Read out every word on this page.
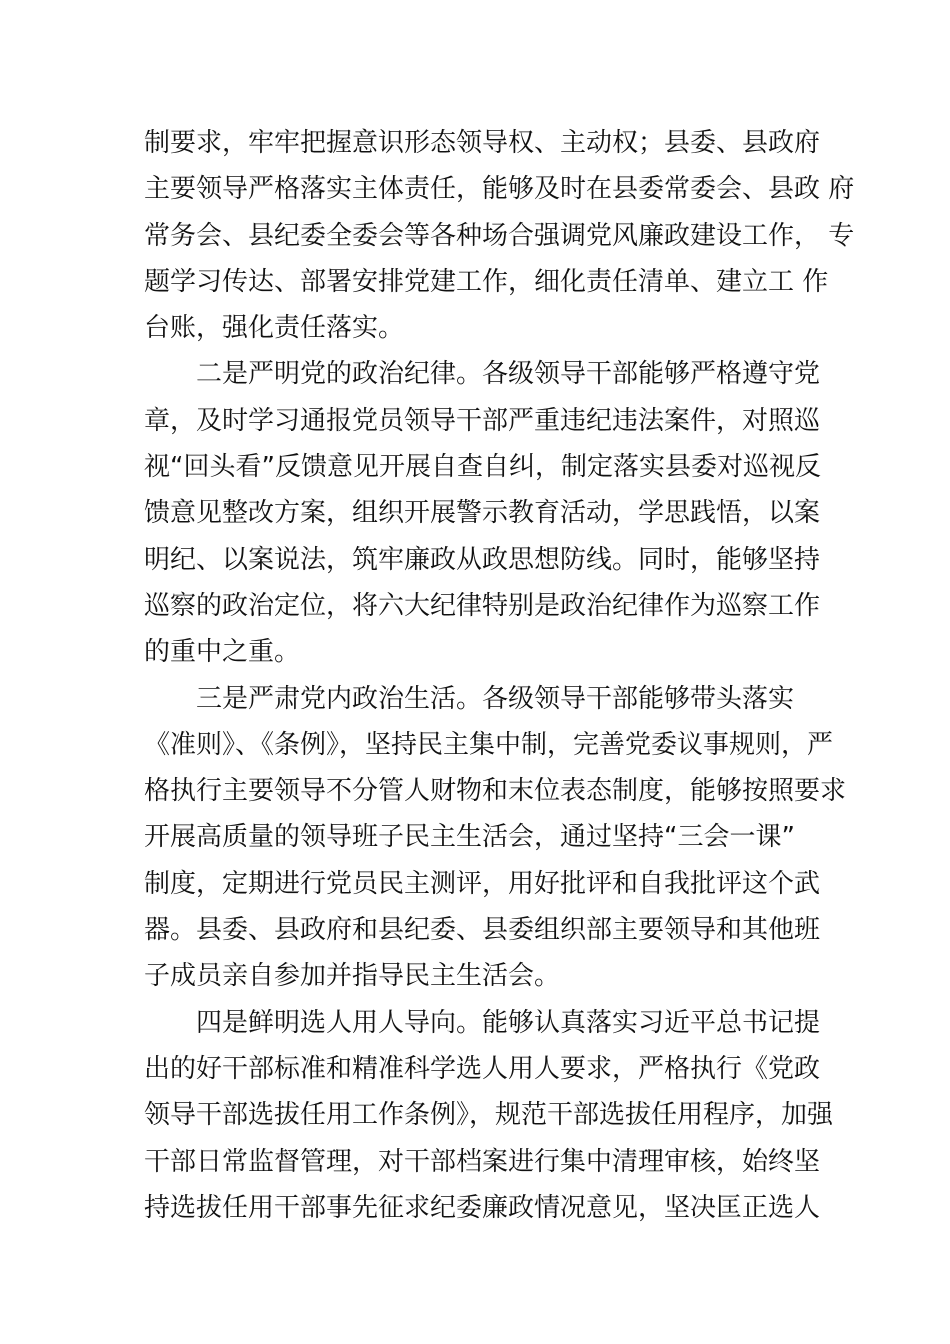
制要求，牢牢把握意识形态领导权、主动权；县委、县政府
主要领导严格落实主体责任，能够及时在县委常委会、县政 府
常务会、县纪委全委会等各种场合强调党风廉政建设工作， 专
题学习传达、部署安排党建工作，细化责任清单、建立工 作
台账，强化责任落实。
二是严明党的政治纪律。各级领导干部能够严格遵守党
章，及时学习通报党员领导干部严重违纪违法案件，对照巡
视“回头看”反馈意见开展自查自纠，制定落实县委对巡视反
馈意见整改方案，组织开展警示教育活动，学思践悟，以案
明纪、以案说法，筑牢廉政从政思想防线。同时，能够坚持
巡察的政治定位，将六大纪律特别是政治纪律作为巡察工作
的重中之重。
三是严肃党内政治生活。各级领导干部能够带头落实
《准则》、《条例》，坚持民主集中制，完善党委议事规则，严
格执行主要领导不分管人财物和末位表态制度，能够按照要求
开展高质量的领导班子民主生活会，通过坚持“三会一课”
制度，定期进行党员民主测评，用好批评和自我批评这个武
器。县委、县政府和县纪委、县委组织部主要领导和其他班
子成员亲自参加并指导民主生活会。
四是鲜明选人用人导向。能够认真落实习近平总书记提
出的好干部标准和精准科学选人用人要求，严格执行《党政
领导干部选拔任用工作条例》，规范干部选拔任用程序，加强
干部日常监督管理，对干部档案进行集中清理审核，始终坚
持选拔任用干部事先征求纪委廉政情况意见，坚决匡正选人
